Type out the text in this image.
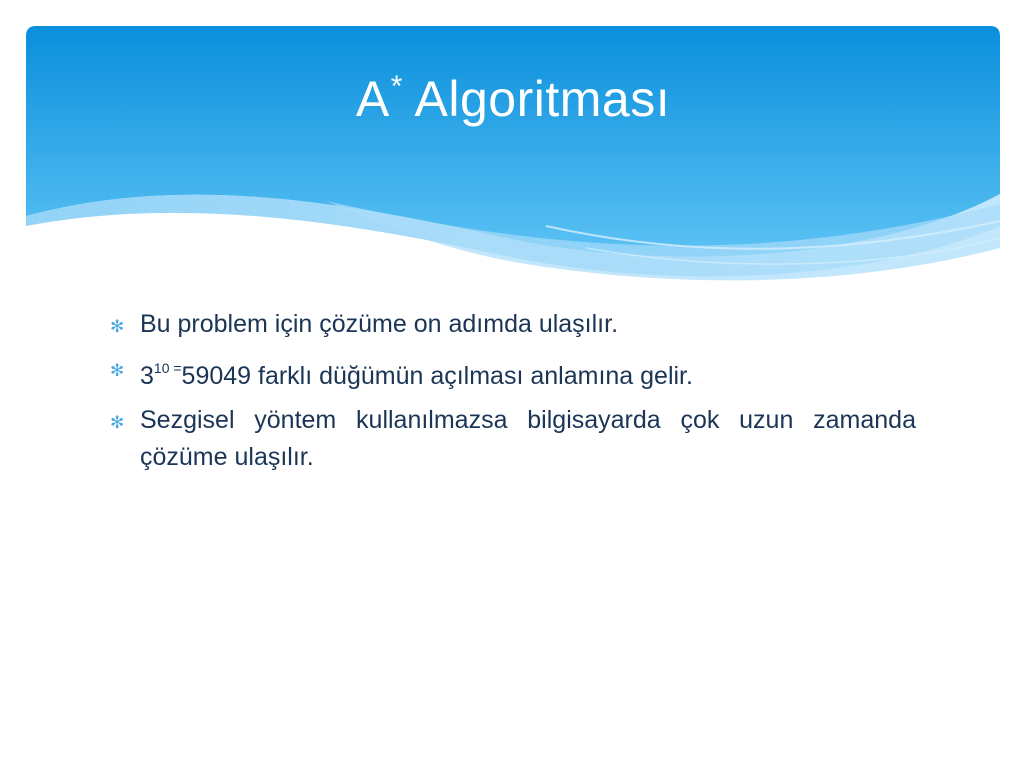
A* Algoritması
✻ Bu problem için çözüme on adımda ulaşılır.
✻ $3^{10 =}59049$ farklı düğümün açılması anlamına gelir.
✻ Sezgisel yöntem kullanılmazsa bilgisayarda çok uzun zamanda çözüme ulaşılır.
